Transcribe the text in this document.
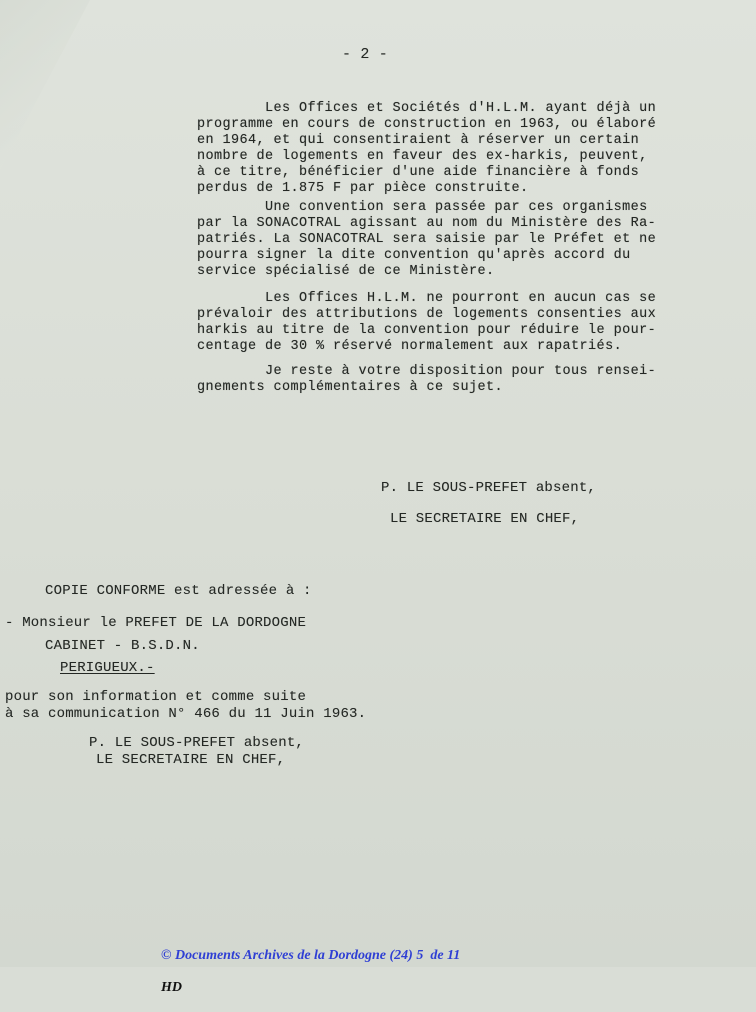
- 2 -
Les Offices et Sociétés d'H.L.M. ayant déjà un
programme en cours de construction en 1963, ou élaboré
en 1964, et qui consentiraient à réserver un certain
nombre de logements en faveur des ex-harkis, peuvent,
à ce titre, bénéficier d'une aide financière à fonds
perdus de 1.875 F par pièce construite.
Une convention sera passée par ces organismes
par la SONACOTRAL agissant au nom du Ministère des Ra-
patriés. La SONACOTRAL sera saisie par le Préfet et ne
pourra signer la dite convention qu'après accord du
service spécialisé de ce Ministère.
Les Offices H.L.M. ne pourront en aucun cas se
prévaloir des attributions de logements consenties aux
harkis au titre de la convention pour réduire le pour-
centage de 30 % réservé normalement aux rapatriés.
Je reste à votre disposition pour tous rensei-
gnements complémentaires à ce sujet.
P. LE SOUS-PREFET absent,
LE SECRETAIRE EN CHEF,
COPIE CONFORME est adressée à :
- Monsieur le PREFET DE LA DORDOGNE
CABINET - B.S.D.N.
PERIGUEUX.-
pour son information et comme suite
à sa communication N° 466 du 11 Juin 1963.
P. LE SOUS-PREFET absent,
LE SECRETAIRE EN CHEF,

© Documents Archives de la Dordogne (24) 5  de 11

HD
